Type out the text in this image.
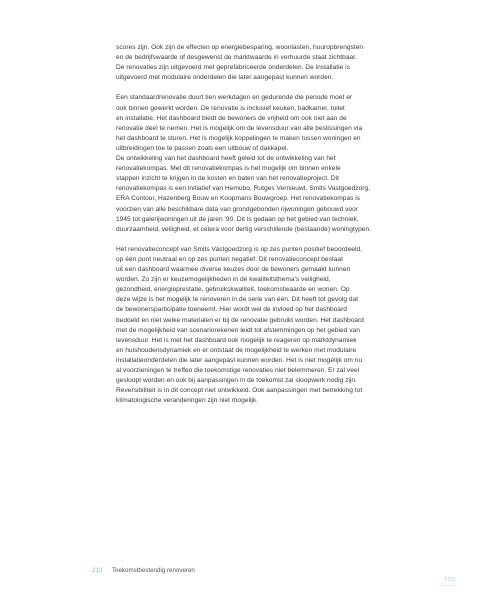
scores zijn. Ook zijn de effecten op energiebesparing, woonlasten, huuropbrengsten
en de bedrijfswaarde of desgewenst de marktwaarde in verhuurde staat zichtbaar.
De renovaties zijn uitgevoerd met geprefabriceerde onderdelen. De installatie is
uitgevoerd met modulaire onderdelen die later aangepast kunnen worden.

Een standaardrenovatie duurt tien werkdagen en gedurende die periode moet er
ook binnen gewerkt worden. De renovatie is inclusief keuken, badkamer, toilet
en installatie. Het dashboard biedt de bewoners de vrijheid om ook niet aan de
renovatie deel te nemen. Het is mogelijk om de levensduur van alle beslissingen via
het dashboard te sturen. Het is mogelijk koppelingen te maken tussen woningen en
uitbreidingen toe te passen zoals een uitbouw of dakkapel.
De ontwikkeling van het dashboard heeft geleid tot de ontwikkeling van het
renovatiekompas. Met dit renovatiekompas is het mogelijk om binnen enkele
stappen inzicht te krijgen in de kosten en baten van het renovatieproject. Dit
renovatiekompas is een initiatief van Hemubo, Rutges Vernieuwt, Smits Vastgoedzorg,
ERA Contour, Hazenberg Bouw en Koopmans Bouwgroep. Het renovatiekompas is
voorzien van alle beschikbare data van grondgebonden rijwoningen gebouwd voor
1945 tot galerijwoningen uit de jaren '90. Dit is gedaan op het gebied van techniek,
duurzaamheid, veiligheid, et cetera voor dertig verschillende (bestaande) woningtypen.

Het renovatieconcept van Smits Vastgoedzorg is op zes punten positief beoordeeld,
op één punt neutraal en op zes punten negatief. Dit renovatieconcept bestaat
uit een dashboard waarmee diverse keuzes door de bewoners gemaakt kunnen
worden. Zo zijn er keuzemogelijkheden in de kwaliteitsthema's veiligheid,
gezondheid, energieprestatie, gebruikskwaliteit, toekomstwaarde en wonen. Op
deze wijze is het mogelijk te renoveren in de serie van één. Dit heeft tot gevolg dat
de bewonersparticipatie toeneemt. Hier wordt wel de invloed op het dashboard
bedoeld en niet welke materialen er bij de renovatie gebruikt worden. Het dashboard
met de mogelijkheid van scenariorekenen leidt tot afstemmingen op het gebied van
levensduur. Het is met het dashboard ook mogelijk te reageren op marktdynamiek
en huishoudensdynamiek en er ontstaat de mogelijkheid te werken met modulaire
installatieonderdelen die later aangepast kunnen worden. Het is niet mogelijk om nu
al voorzieningen te treffen die toekomstige renovaties niet belemmeren. Er zal veel
gesloopt worden en ook bij aanpassingen in de toekomst zal sloopwerk nodig zijn.
Reversibiliteit is in dit concept niet ontwikkeld. Ook aanpassingen met betrekking tot
klimatologische veranderingen zijn niet mogelijk.

212 Toekomstbestendig renoveren
TOC
